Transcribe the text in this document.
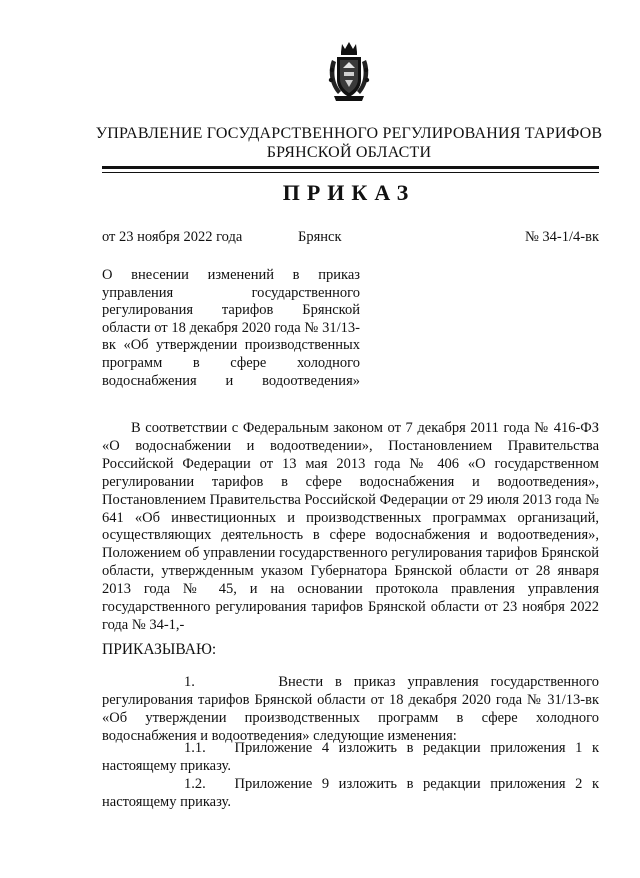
УПРАВЛЕНИЕ ГОСУДАРСТВЕННОГО РЕГУЛИРОВАНИЯ ТАРИФОВ
БРЯНСКОЙ ОБЛАСТИ
ПРИКАЗ
от 23 ноября 2022 года	Брянск	№ 34-1/4-вк
О внесении изменений в приказ управления государственного регулирования тарифов Брянской области от 18 декабря 2020 года № 31/13-вк «Об утверждении производственных программ в сфере холодного водоснабжения и водоотведения»
В соответствии с Федеральным законом от 7 декабря 2011 года № 416-ФЗ «О водоснабжении и водоотведении», Постановлением Правительства Российской Федерации от 13 мая 2013 года № 406 «О государственном регулировании тарифов в сфере водоснабжения и водоотведения», Постановлением Правительства Российской Федерации от 29 июля 2013 года № 641 «Об инвестиционных и производственных программах организаций, осуществляющих деятельность в сфере водоснабжения и водоотведения», Положением об управлении государственного регулирования тарифов Брянской области, утвержденным указом Губернатора Брянской области от 28 января 2013 года № 45, и на основании протокола правления управления государственного регулирования тарифов Брянской области от 23 ноября 2022 года № 34-1,-
ПРИКАЗЫВАЮ:
1.	Внести в приказ управления государственного регулирования тарифов Брянской области от 18 декабря 2020 года № 31/13-вк «Об утверждении производственных программ в сфере холодного водоснабжения и водоотведения» следующие изменения:
1.1. Приложение 4 изложить в редакции приложения 1 к настоящему приказу.
1.2. Приложение 9 изложить в редакции приложения 2 к настоящему приказу.
